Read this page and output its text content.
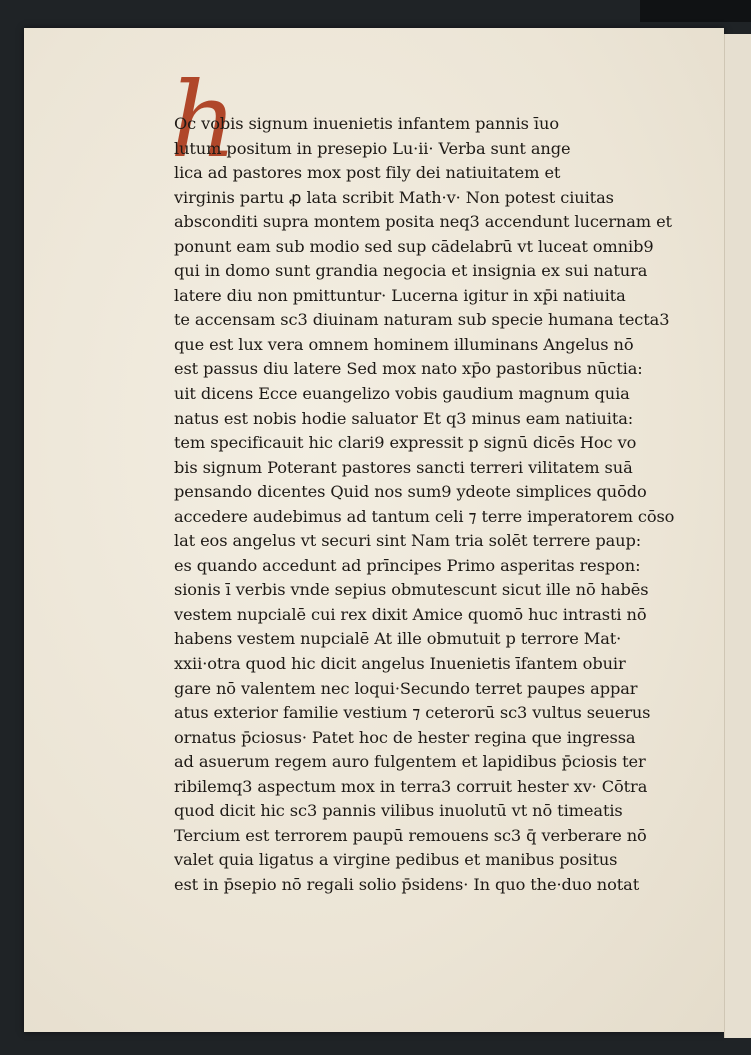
h
Oc vobis signum inuenietis infantem pannis īuo
lutum positum in presepio Lu·ii· Verba sunt ange
lica ad pastores mox post fily dei natiuitatem et
virginis partu ꝓ lata scribit Math·v· Non potest ciuitas
absconditi supra montem posita neq3 accendunt lucernam et
ponunt eam sub modio sed sup cādelabrū vt luceat omnib9
qui in domo sunt grandia negocia et insignia ex sui natura
latere diu non pmittuntur· Lucerna igitur in xp̄i natiuita
te accensam sc3 diuinam naturam sub specie humana tecta3
que est lux vera omnem hominem illuminans Angelus nō
est passus diu latere Sed mox nato xp̄o pastoribus nūctia:
uit dicens Ecce euangelizo vobis gaudium magnum quia
natus est nobis hodie saluator Et q3 minus eam natiuita:
tem specificauit hic clari9 expressit p signū dicēs Hoc vo
bis signum Poterant pastores sancti terreri vilitatem suā
pensando dicentes Quid nos sum9 ydeote simplices quōdo
accedere audebimus ad tantum celi ⁊ terre imperatorem cōso
lat eos angelus vt securi sint Nam tria solēt terrere paup:
es quando accedunt ad prīncipes Primo asperitas respon:
sionis ī verbis vnde sepius obmutescunt sicut ille nō habēs
vestem nupcialē cui rex dixit Amice quomō huc intrasti nō
habens vestem nupcialē At ille obmutuit p terrore Mat·
xxii·otra quod hic dicit angelus Inuenietis īfantem obuir
gare nō valentem nec loqui·Secundo terret paupes appar
atus exterior familie vestium ⁊ ceterorū sc3 vultus seuerus
ornatus p̄ciosus· Patet hoc de hester regina que ingressa
ad asuerum regem auro fulgentem et lapidibus p̄ciosis ter
ribilemq3 aspectum mox in terra3 corruit hester xv· Cōtra
quod dicit hic sc3 pannis vilibus inuolutū vt nō timeatis
Tercium est terrorem paupū remouens sc3 q̄ verberare nō
valet quia ligatus a virgine pedibus et manibus positus
est in p̄sepio nō regali solio p̄sidens· In quo the·duo notat
